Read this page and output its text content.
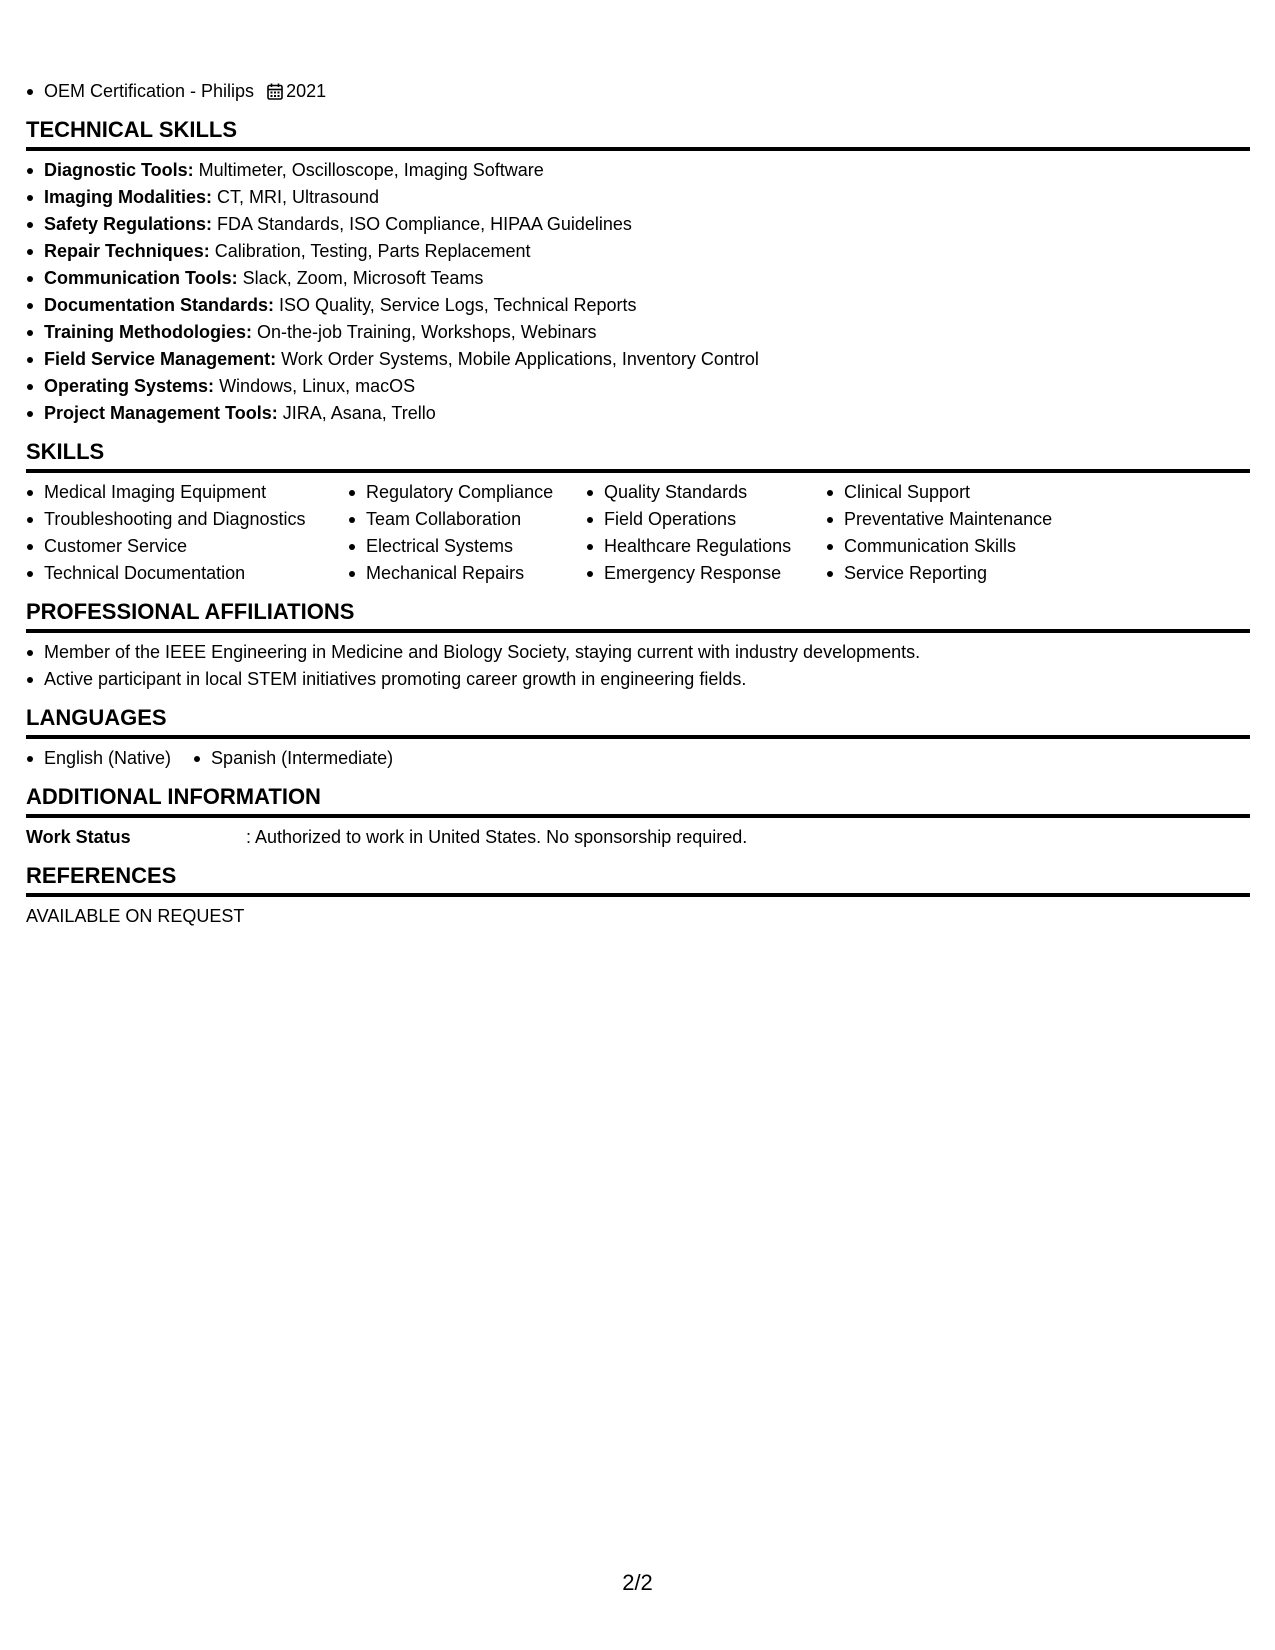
OEM Certification - Philips 2021
TECHNICAL SKILLS
Diagnostic Tools: Multimeter, Oscilloscope, Imaging Software
Imaging Modalities: CT, MRI, Ultrasound
Safety Regulations: FDA Standards, ISO Compliance, HIPAA Guidelines
Repair Techniques: Calibration, Testing, Parts Replacement
Communication Tools: Slack, Zoom, Microsoft Teams
Documentation Standards: ISO Quality, Service Logs, Technical Reports
Training Methodologies: On-the-job Training, Workshops, Webinars
Field Service Management: Work Order Systems, Mobile Applications, Inventory Control
Operating Systems: Windows, Linux, macOS
Project Management Tools: JIRA, Asana, Trello
SKILLS
Medical Imaging Equipment
Troubleshooting and Diagnostics
Customer Service
Technical Documentation
Regulatory Compliance
Team Collaboration
Electrical Systems
Mechanical Repairs
Quality Standards
Field Operations
Healthcare Regulations
Emergency Response
Clinical Support
Preventative Maintenance
Communication Skills
Service Reporting
PROFESSIONAL AFFILIATIONS
Member of the IEEE Engineering in Medicine and Biology Society, staying current with industry developments.
Active participant in local STEM initiatives promoting career growth in engineering fields.
LANGUAGES
English (Native)	Spanish (Intermediate)
ADDITIONAL INFORMATION
Work Status	: Authorized to work in United States. No sponsorship required.
REFERENCES
AVAILABLE ON REQUEST
2/2
